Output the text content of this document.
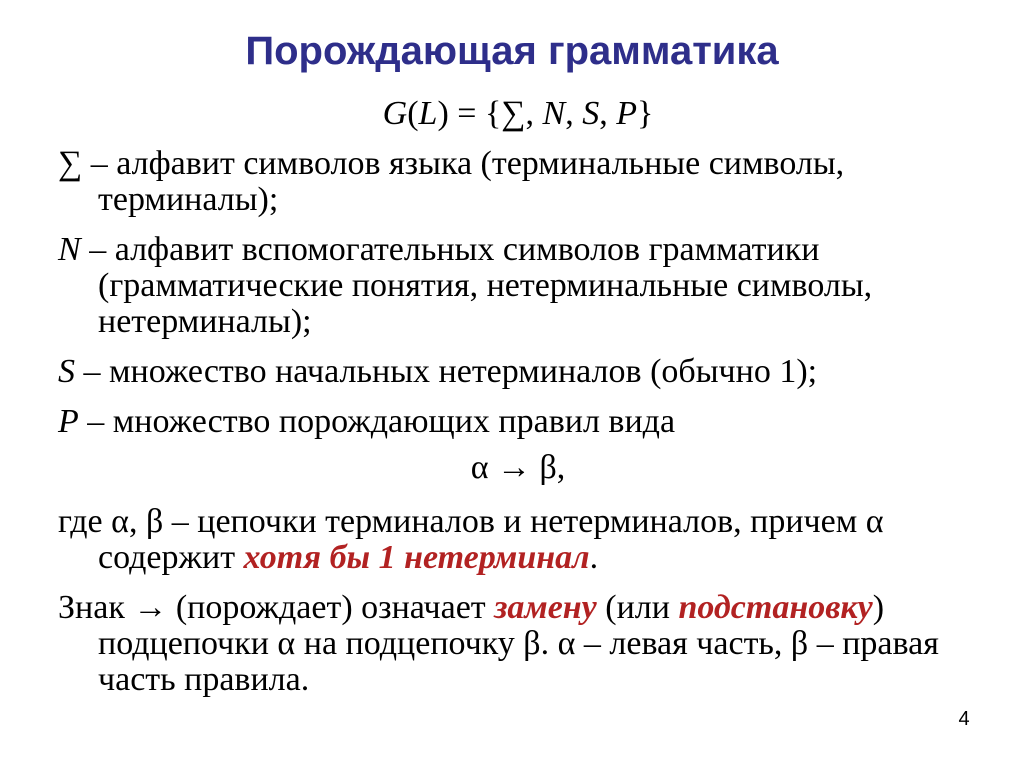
Порождающая грамматика
G(L) = {∑, N, S, P}
∑ – алфавит символов языка (терминальные символы, терминалы);
N – алфавит вспомогательных символов грамматики (грамматические понятия, нетерминальные символы, нетерминалы);
S – множество начальных нетерминалов (обычно 1);
P – множество порождающих правил вида
α → β,
где α, β – цепочки терминалов и нетерминалов, причем α содержит хотя бы 1 нетерминал.
Знак → (порождает) означает замену (или подстановку) подцепочки α на подцепочку β. α – левая часть, β – правая часть правила.
4
